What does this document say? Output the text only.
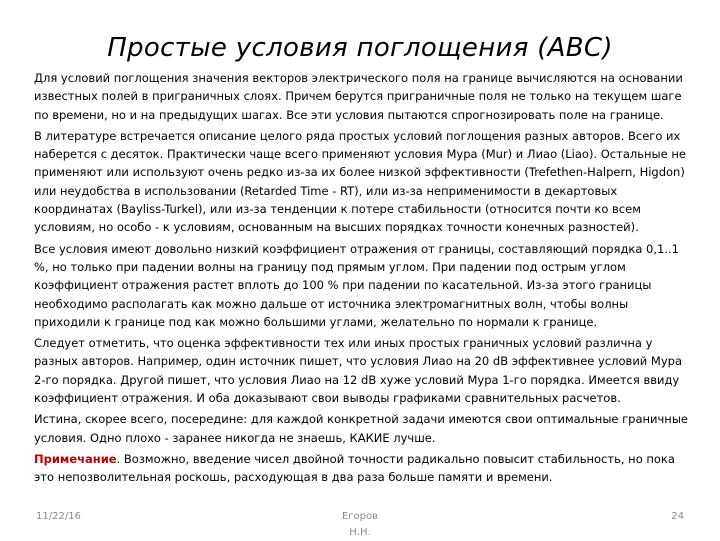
Простые условия поглощения (ABC)

Для условий поглощения значения векторов электрического поля на границе вычисляются на основании известных полей в приграничных слоях. Причем берутся приграничные поля не только на текущем шаге по времени, но и на предыдущих шагах. Все эти условия пытаются спрогнозировать поле на границе.

В литературе встречается описание целого ряда простых условий поглощения разных авторов. Всего их наберется с десяток. Практически чаще всего применяют условия Мура (Mur) и Лиао (Liao). Остальные не применяют или используют очень редко из-за их более низкой эффективности (Trefethen-Halpern, Higdon) или неудобства в использовании (Retarded Time - RT), или из-за неприменимости в декартовых координатах (Bayliss-Turkel), или из-за тенденции к потере стабильности (относится почти ко всем условиям, но особо - к условиям, основанным на высших порядках точности конечных разностей).

Все условия имеют довольно низкий коэффициент отражения от границы, составляющий порядка 0,1..1 %, но только при падении волны на границу под прямым углом. При падении под острым углом коэффициент отражения растет вплоть до 100 % при падении по касательной. Из-за этого границы необходимо располагать как можно дальше от источника электромагнитных волн, чтобы волны приходили к границе под как можно большими углами, желательно по нормали к границе.

Следует отметить, что оценка эффективности тех или иных простых граничных условий различна у разных авторов. Например, один источник пишет, что условия Лиао на 20 dB эффективнее условий Мура 2-го порядка. Другой пишет, что условия Лиао на 12 dB хуже условий Мура 1-го порядка. Имеется ввиду коэффициент отражения. И оба доказывают свои выводы графиками сравнительных расчетов.

Истина, скорее всего, посередине: для каждой конкретной задачи имеются свои оптимальные граничные условия. Одно плохо - заранее никогда не знаешь, КАКИЕ лучше.

Примечание. Возможно, введение чисел двойной точности радикально повысит стабильность, но пока это непозволительная роскошь, расходующая в два раза больше памяти и времени.

11/22/16	Егоров Н.Н.
24
